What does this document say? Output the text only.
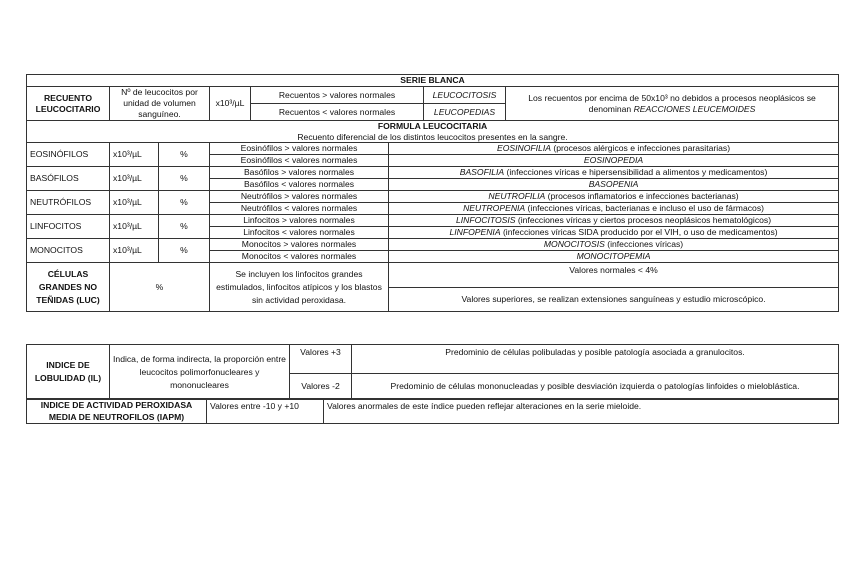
SERIE BLANCA							
RECUENTO LEUCOCITARIO	Nº de leucocitos por unidad de volumen sanguíneo.		x10³/µL	Recuentos > valores normales		LEUCOCITOSIS	Los recuentos por encima de 50x10³ no debidos a procesos neoplásicos se denominan REACCIONES LEUCEMOIDES
				Recuentos < valores normales		LEUCOPEDIAS	
FORMULA LEUCOCITARIA
Recuento diferencial de los distintos leucocitos presentes en la sangre.							
EOSINÓFILOS	x10³/µL	%	Eosinófilos > valores normales		EOSINOFILIA (procesos alérgicos e infecciones parasitarias)		
			Eosinófilos < valores normales		EOSINOPEDIA		
BASÓFILOS	x10³/µL	%	Basófilos > valores normales		BASOFILIA (infecciones víricas e hipersensibilidad a alimentos y medicamentos)		
			Basófilos < valores normales		BASOPENIA		
NEUTRÓFILOS	x10³/µL	%	Neutrófilos > valores normales		NEUTROFILIA (procesos inflamatorios e infecciones bacterianas)		
			Neutrófilos < valores normales		NEUTROPENIA (infecciones víricas, bacterianas e incluso el uso de fármacos)		
LINFOCITOS	x10³/µL	%	Linfocitos > valores normales		LINFOCITOSIS (infecciones víricas y ciertos procesos neoplásicos hematológicos)		
			Linfocitos < valores normales		LINFOPENIA (infecciones víricas SIDA producido por el VIH, o uso de medicamentos)		
MONOCITOS	x10³/µL	%	Monocitos > valores normales		MONOCITOSIS (infecciones víricas)		
			Monocitos < valores normales		MONOCITOPEMIA		
CÉLULAS GRANDES NO TEÑIDAS (LUC)	%		Se incluyen los linfocitos grandes estimulados, linfocitos atípicos y los blastos sin actividad peroxidasa.		Valores normales < 4%		
					Valores superiores, se realizan extensiones sanguíneas y estudio microscópico.		
INDICE DE LOBULIDAD (IL)	Indica, de forma indirecta, la proporción entre leucocitos polimorfonucleares y mononucleares	Valores +3	Predominio de células polibuladas y posible patología asociada a granulocitos.
		Valores -2	Predominio de células mononucleadas y posible desviación izquierda o patologías linfoides o mieloblástica.
INDICE DE ACTIVIDAD PEROXIDASA MEDIA DE NEUTROFILOS (IAPM)	Valores entre -10 y +10	Valores anormales de este índice pueden reflejar alteraciones en la serie mieloide.
